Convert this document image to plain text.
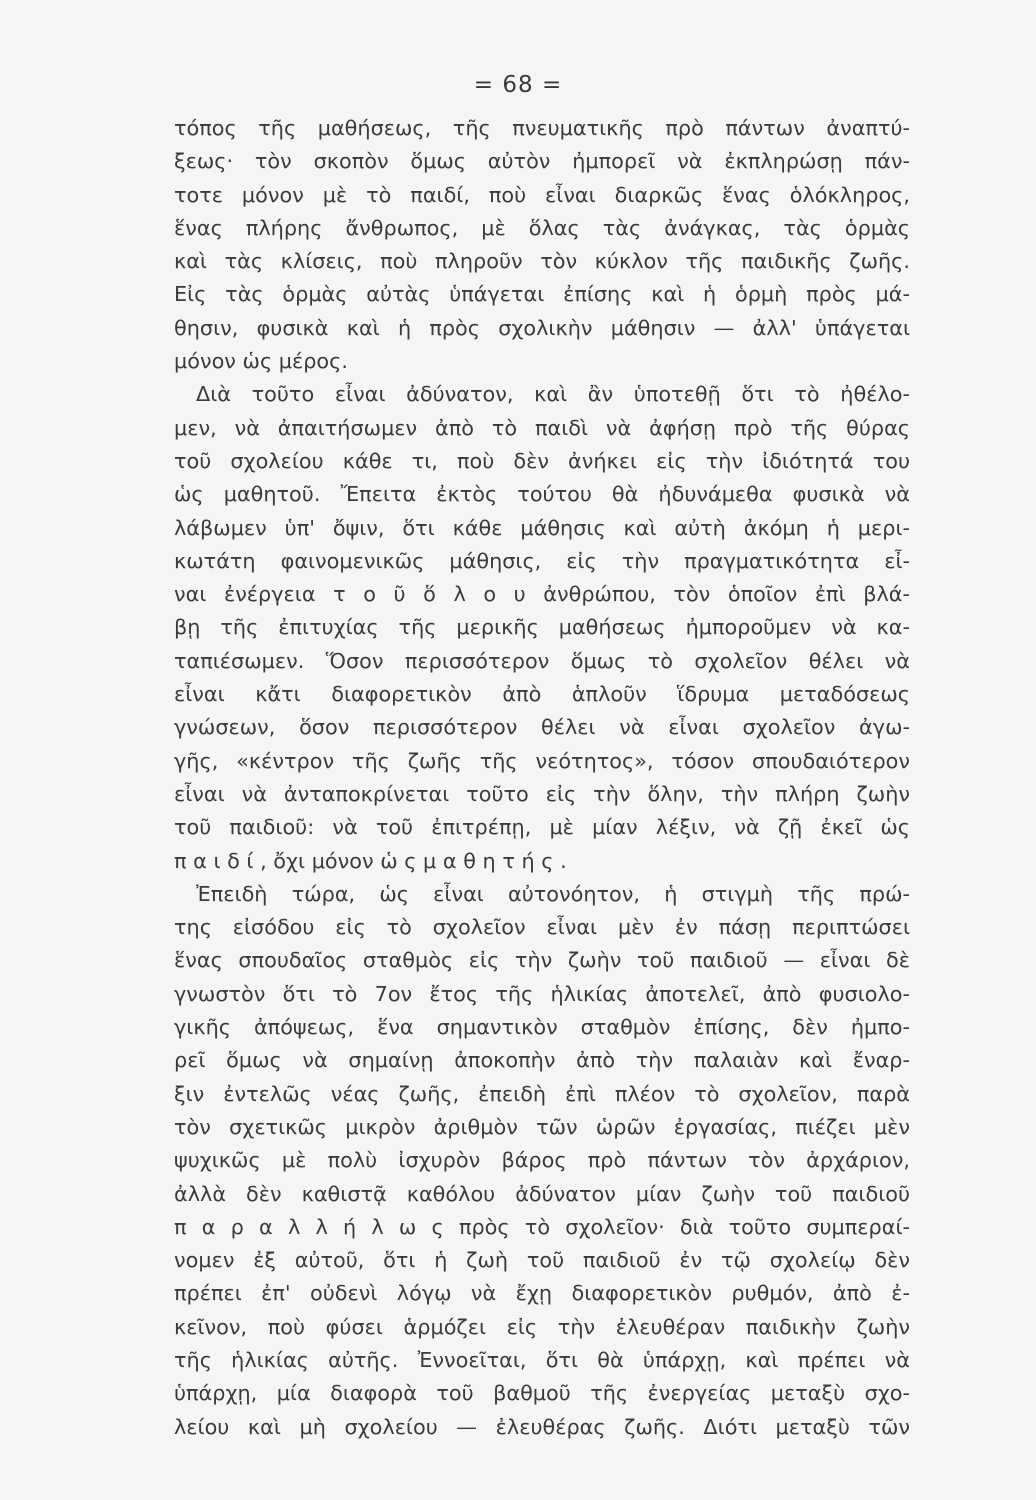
= 68 =
τόπος τῆς μαθήσεως, τῆς πνευματικῆς πρὸ πάντων ἀναπτύ-
ξεως· τὸν σκοπὸν ὅμως αὐτὸν ἠμπορεῖ νὰ ἐκπληρώσῃ πάν-
τοτε μόνον μὲ τὸ παιδί, ποὺ εἶναι διαρκῶς ἕνας ὁλόκληρος,
ἕνας πλήρης ἄνθρωπος, μὲ ὅλας τὰς ἀνάγκας, τὰς ὁρμὰς
καὶ τὰς κλίσεις, ποὺ πληροῦν τὸν κύκλον τῆς παιδικῆς ζωῆς.
Εἰς τὰς ὁρμὰς αὐτὰς ὑπάγεται ἐπίσης καὶ ἡ ὁρμὴ πρὸς μά-
θησιν, φυσικὰ καὶ ἡ πρὸς σχολικὴν μάθησιν — ἀλλ' ὑπάγεται
μόνον ὡς μέρος.
Διὰ τοῦτο εἶναι ἀδύνατον, καὶ ἂν ὑποτεθῇ ὅτι τὸ ἠθέλο-
μεν, νὰ ἀπαιτήσωμεν ἀπὸ τὸ παιδὶ νὰ ἀφήσῃ πρὸ τῆς θύρας
τοῦ σχολείου κάθε τι, ποὺ δὲν ἀνήκει εἰς τὴν ἰδιότητά του
ὡς μαθητοῦ. Ἔπειτα ἐκτὸς τούτου θὰ ἠδυνάμεθα φυσικὰ νὰ
λάβωμεν ὑπ' ὄψιν, ὅτι κάθε μάθησις καὶ αὐτὴ ἀκόμη ἡ μερι-
κωτάτη φαινομενικῶς μάθησις, εἰς τὴν πραγματικότητα εἶ-
ναι ἐνέργεια τ ο ῦ ὅ λ ο υ ἀνθρώπου, τὸν ὁποῖον ἐπὶ βλά-
βῃ τῆς ἐπιτυχίας τῆς μερικῆς μαθήσεως ἠμποροῦμεν νὰ κα-
ταπιέσωμεν. Ὅσον περισσότερον ὅμως τὸ σχολεῖον θέλει νὰ
εἶναι κἄτι διαφορετικὸν ἀπὸ ἁπλοῦν ἵδρυμα μεταδόσεως
γνώσεων, ὅσον περισσότερον θέλει νὰ εἶναι σχολεῖον ἀγω-
γῆς, «κέντρον τῆς ζωῆς τῆς νεότητος», τόσον σπουδαιότερον
εἶναι νὰ ἀνταποκρίνεται τοῦτο εἰς τὴν ὅλην, τὴν πλήρη ζωὴν
τοῦ παιδιοῦ: νὰ τοῦ ἐπιτρέπῃ, μὲ μίαν λέξιν, νὰ ζῇ ἐκεῖ ὡς
π α ι δ ί , ὄχι μόνον ὡ ς μ α θ η τ ή ς .
Ἐπειδὴ τώρα, ὡς εἶναι αὐτονόητον, ἡ στιγμὴ τῆς πρώ-
της εἰσόδου εἰς τὸ σχολεῖον εἶναι μὲν ἐν πάσῃ περιπτώσει
ἕνας σπουδαῖος σταθμὸς εἰς τὴν ζωὴν τοῦ παιδιοῦ — εἶναι δὲ
γνωστὸν ὅτι τὸ 7ον ἔτος τῆς ἡλικίας ἀποτελεῖ, ἀπὸ φυσιολο-
γικῆς ἀπόψεως, ἕνα σημαντικὸν σταθμὸν ἐπίσης, δὲν ἠμπο-
ρεῖ ὅμως νὰ σημαίνῃ ἀποκοπὴν ἀπὸ τὴν παλαιὰν καὶ ἔναρ-
ξιν ἐντελῶς νέας ζωῆς, ἐπειδὴ ἐπὶ πλέον τὸ σχολεῖον, παρὰ
τὸν σχετικῶς μικρὸν ἀριθμὸν τῶν ὡρῶν ἐργασίας, πιέζει μὲν
ψυχικῶς μὲ πολὺ ἰσχυρὸν βάρος πρὸ πάντων τὸν ἀρχάριον,
ἀλλὰ δὲν καθιστᾷ καθόλου ἀδύνατον μίαν ζωὴν τοῦ παιδιοῦ
π α ρ α λ λ ή λ ω ς πρὸς τὸ σχολεῖον· διὰ τοῦτο συμπεραί-
νομεν ἐξ αὐτοῦ, ὅτι ἡ ζωὴ τοῦ παιδιοῦ ἐν τῷ σχολείῳ δὲν
πρέπει ἐπ' οὐδενὶ λόγῳ νὰ ἔχῃ διαφορετικὸν ρυθμόν, ἀπὸ ἐ-
κεῖνον, ποὺ φύσει ἁρμόζει εἰς τὴν ἐλευθέραν παιδικὴν ζωὴν
τῆς ἡλικίας αὐτῆς. Ἐννοεῖται, ὅτι θὰ ὑπάρχῃ, καὶ πρέπει νὰ
ὑπάρχῃ, μία διαφορὰ τοῦ βαθμοῦ τῆς ἐνεργείας μεταξὺ σχο-
λείου καὶ μὴ σχολείου — ἐλευθέρας ζωῆς. Διότι μεταξὺ τῶν
